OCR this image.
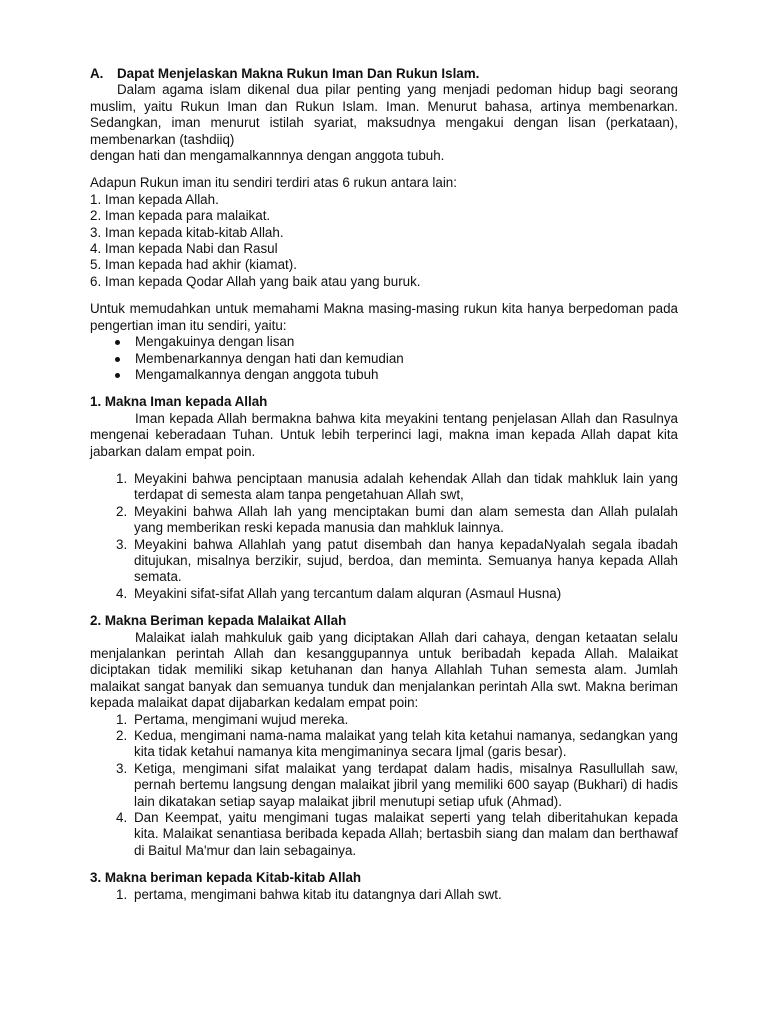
A. Dapat Menjelaskan Makna Rukun Iman Dan Rukun Islam.

Dalam agama islam dikenal dua pilar penting yang menjadi pedoman hidup bagi seorang muslim, yaitu Rukun Iman dan Rukun Islam. Iman. Menurut bahasa, artinya membenarkan. Sedangkan, iman menurut istilah syariat, maksudnya mengakui dengan lisan (perkataan), membenarkan (tashdiiq)

dengan hati dan mengamalkannnya dengan anggota tubuh.

Adapun Rukun iman itu sendiri terdiri atas 6 rukun antara lain:

1. Iman kepada Allah.
2. Iman kepada para malaikat.
3. Iman kepada kitab-kitab Allah.
4. Iman kepada Nabi dan Rasul
5. Iman kepada had akhir (kiamat).
6. Iman kepada Qodar Allah yang baik atau yang buruk.

Untuk memudahkan untuk memahami Makna masing-masing rukun kita hanya berpedoman pada pengertian iman itu sendiri, yaitu:

Mengakuinya dengan lisan
Membenarkannya dengan hati dan kemudian
Mengamalkannya dengan anggota tubuh

1. Makna Iman kepada Allah

Iman kepada Allah bermakna bahwa kita meyakini tentang penjelasan Allah dan Rasulnya mengenai keberadaan Tuhan. Untuk lebih terperinci lagi, makna iman kepada Allah dapat kita jabarkan dalam empat poin.

1. Meyakini bahwa penciptaan manusia adalah kehendak Allah dan tidak mahkluk lain yang terdapat di semesta alam tanpa pengetahuan Allah swt,
2. Meyakini bahwa Allah lah yang menciptakan bumi dan alam semesta dan Allah pulalah yang memberikan reski kepada manusia dan mahkluk lainnya.
3. Meyakini bahwa Allahlah yang patut disembah dan hanya kepadaNyalah segala ibadah ditujukan, misalnya berzikir, sujud, berdoa, dan meminta. Semuanya hanya kepada Allah semata.
4. Meyakini sifat-sifat Allah yang tercantum dalam alquran (Asmaul Husna)

2. Makna Beriman kepada Malaikat Allah

Malaikat ialah mahkuluk gaib yang diciptakan Allah dari cahaya, dengan ketaatan selalu menjalankan perintah Allah dan kesanggupannya untuk beribadah kepada Allah. Malaikat diciptakan tidak memiliki sikap ketuhanan dan hanya Allahlah Tuhan semesta alam. Jumlah malaikat sangat banyak dan semuanya tunduk dan menjalankan perintah Alla swt. Makna beriman kepada malaikat dapat dijabarkan kedalam empat poin:

1. Pertama, mengimani wujud mereka.
2. Kedua, mengimani nama-nama malaikat yang telah kita ketahui namanya, sedangkan yang kita tidak ketahui namanya kita mengimaninya secara Ijmal (garis besar).
3. Ketiga, mengimani sifat malaikat yang terdapat dalam hadis, misalnya Rasullullah saw, pernah bertemu langsung dengan malaikat jibril yang memiliki 600 sayap (Bukhari) di hadis lain dikatakan setiap sayap malaikat jibril menutupi setiap ufuk (Ahmad).
4. Dan Keempat, yaitu mengimani tugas malaikat seperti yang telah diberitahukan kepada kita. Malaikat senantiasa beribada kepada Allah; bertasbih siang dan malam dan berthawaf di Baitul Ma'mur dan lain sebagainya.

3. Makna beriman kepada Kitab-kitab Allah

1. pertama, mengimani bahwa kitab itu datangnya dari Allah swt.
